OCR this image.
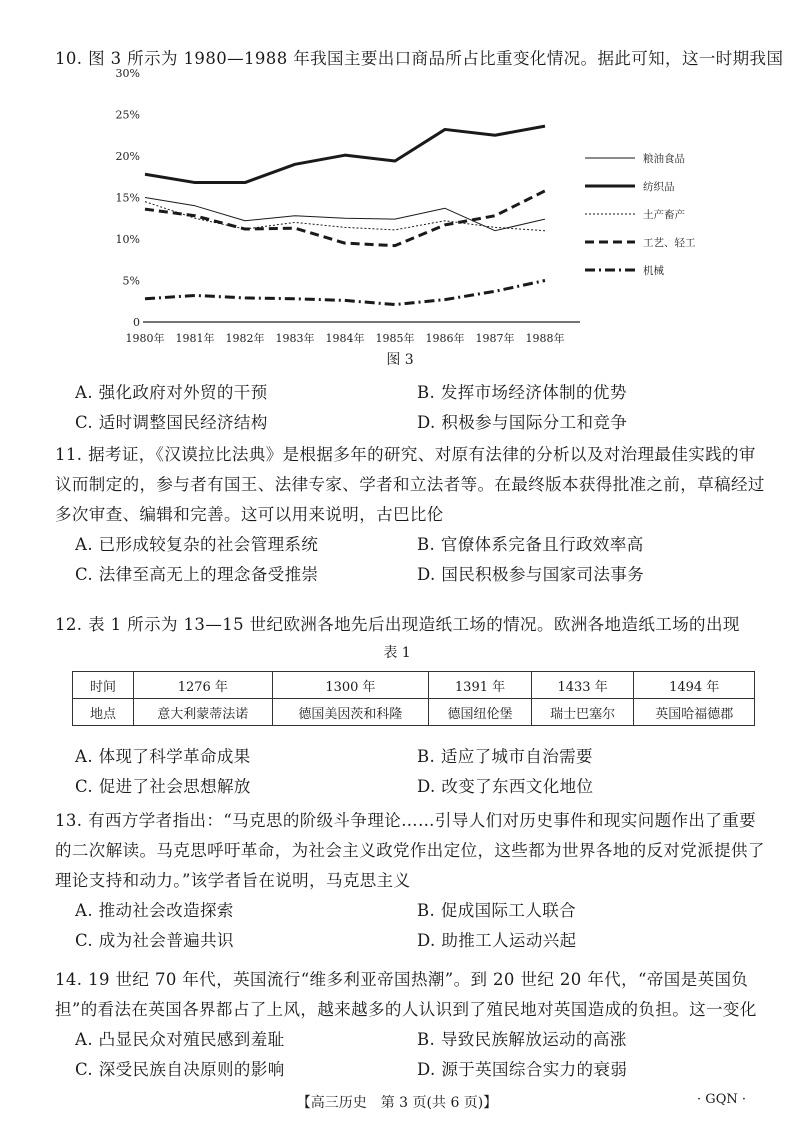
10. 图 3 所示为 1980—1988 年我国主要出口商品所占比重变化情况。据此可知，这一时期我国
0
5%
10%
15%
20%
25%
30%
1980年 1981年 1982年 1983年 1984年 1985年 1986年 1987年 1988年
粮油食品
纺织品
土产畜产
工艺、轻工
机械
图 3
A. 强化政府对外贸的干预	B. 发挥市场经济体制的优势
C. 适时调整国民经济结构	D. 积极参与国际分工和竞争
11. 据考证，《汉谟拉比法典》是根据多年的研究、对原有法律的分析以及对治理最佳实践的审议而制定的，参与者有国王、法律专家、学者和立法者等。在最终版本获得批准之前，草稿经过多次审查、编辑和完善。这可以用来说明，古巴比伦
A. 已形成较复杂的社会管理系统	B. 官僚体系完备且行政效率高
C. 法律至高无上的理念备受推崇	D. 国民积极参与国家司法事务
12. 表 1 所示为 13—15 世纪欧洲各地先后出现造纸工场的情况。欧洲各地造纸工场的出现
表 1
时间	1276 年	1300 年	1391 年	1433 年	1494 年
地点	意大利蒙蒂法诺	德国美因茨和科隆	德国纽伦堡	瑞士巴塞尔	英国哈福德郡
A. 体现了科学革命成果	B. 适应了城市自治需要
C. 促进了社会思想解放	D. 改变了东西文化地位
13. 有西方学者指出：“马克思的阶级斗争理论……引导人们对历史事件和现实问题作出了重要的二次解读。马克思呼吁革命，为社会主义政党作出定位，这些都为世界各地的反对党派提供了理论支持和动力。”该学者旨在说明，马克思主义
A. 推动社会改造探索	B. 促成国际工人联合
C. 成为社会普遍共识	D. 助推工人运动兴起
14. 19 世纪 70 年代，英国流行“维多利亚帝国热潮”。到 20 世纪 20 年代，“帝国是英国负担”的看法在英国各界都占了上风，越来越多的人认识到了殖民地对英国造成的负担。这一变化
A. 凸显民众对殖民感到羞耻	B. 导致民族解放运动的高涨
C. 深受民族自决原则的影响	D. 源于英国综合实力的衰弱
【高三历史　第 3 页(共 6 页)】	· GQN ·
